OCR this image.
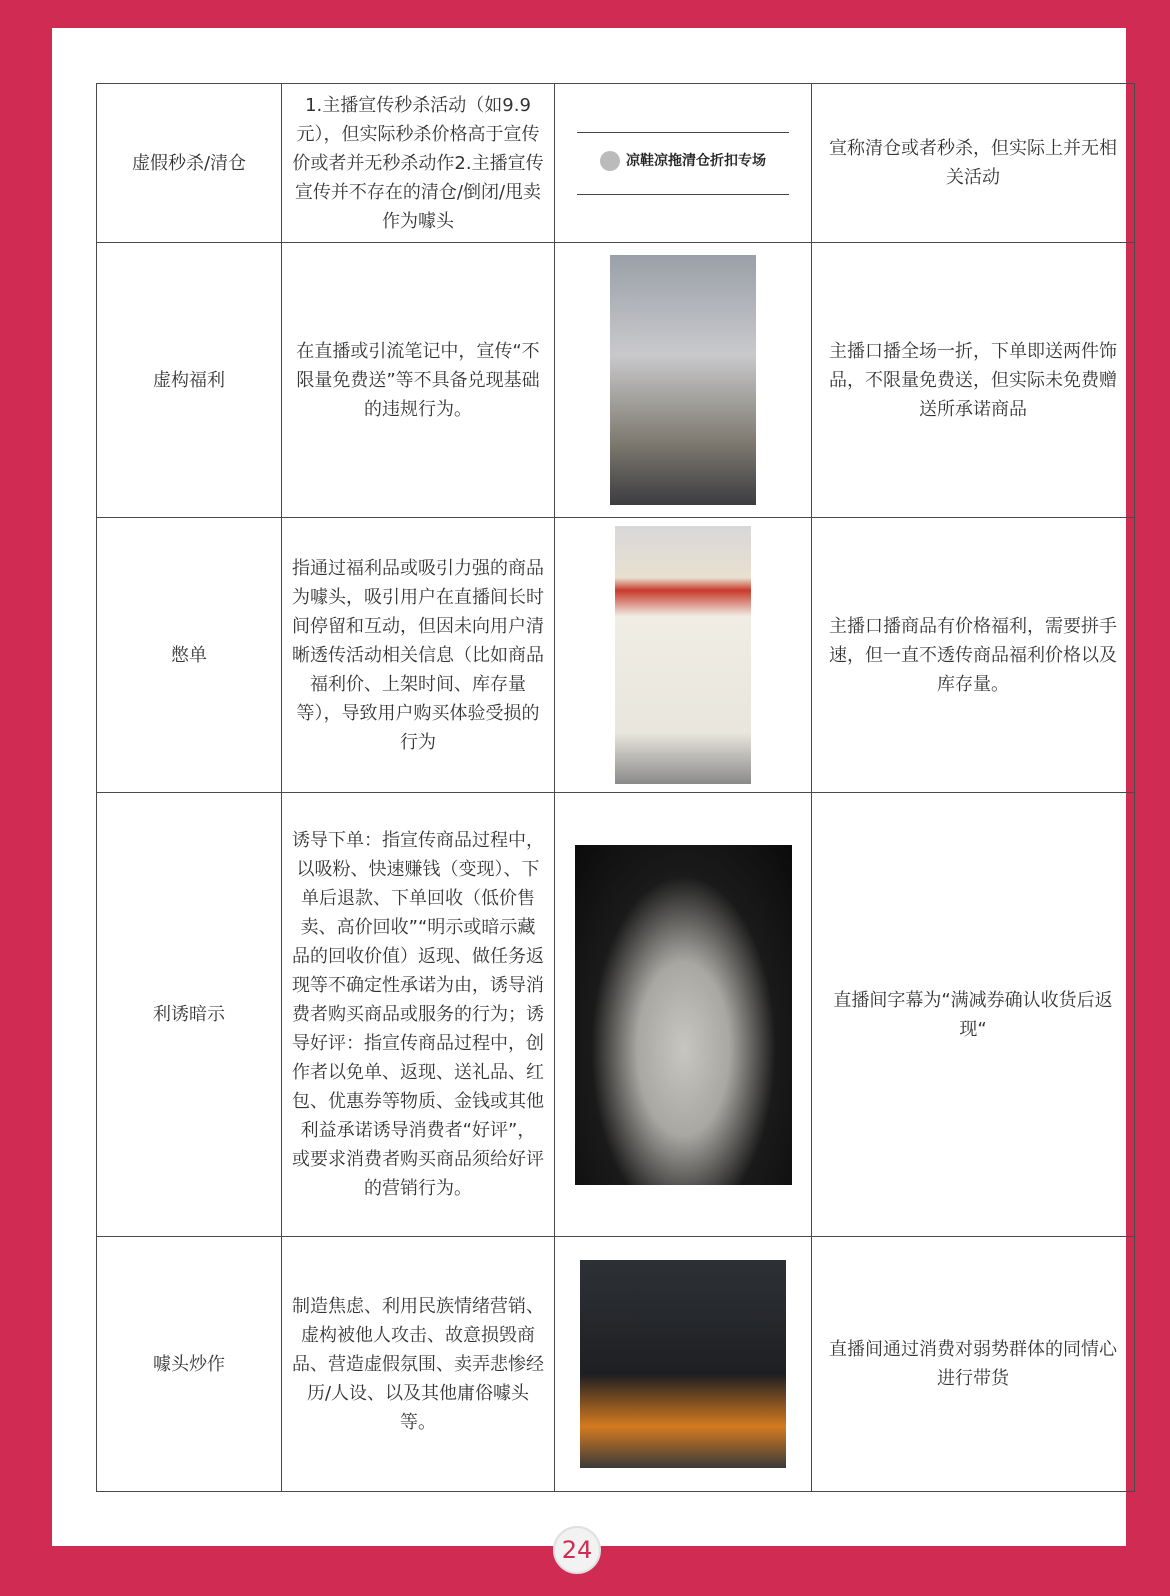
虚假秒杀/清仓	1.主播宣传秒杀活动（如9.9元），但实际秒杀价格高于宣传价或者并无秒杀动作2.主播宣传宣传并不存在的清仓/倒闭/甩卖作为噱头	凉鞋凉拖清仓折扣专场	宣称清仓或者秒杀，但实际上并无相关活动
虚构福利	在直播或引流笔记中，宣传“不限量免费送”等不具备兑现基础的违规行为。		主播口播全场一折，下单即送两件饰品，不限量免费送，但实际未免费赠送所承诺商品
憋单	指通过福利品或吸引力强的商品为噱头，吸引用户在直播间长时间停留和互动，但因未向用户清晰透传活动相关信息（比如商品福利价、上架时间、库存量等），导致用户购买体验受损的行为		主播口播商品有价格福利，需要拼手速，但一直不透传商品福利价格以及库存量。
利诱暗示	诱导下单：指宣传商品过程中，以吸粉、快速赚钱（变现）、下单后退款、下单回收（低价售卖、高价回收”“明示或暗示藏品的回收价值）返现、做任务返现等不确定性承诺为由，诱导消费者购买商品或服务的行为；诱导好评：指宣传商品过程中，创作者以免单、返现、送礼品、红包、优惠券等物质、金钱或其他利益承诺诱导消费者“好评”，或要求消费者购买商品须给好评的营销行为。		直播间字幕为“满减券确认收货后返现“
噱头炒作	制造焦虑、利用民族情绪营销、虚构被他人攻击、故意损毁商品、营造虚假氛围、卖弄悲惨经历/人设、以及其他庸俗噱头等。		直播间通过消费对弱势群体的同情心进行带货
24
